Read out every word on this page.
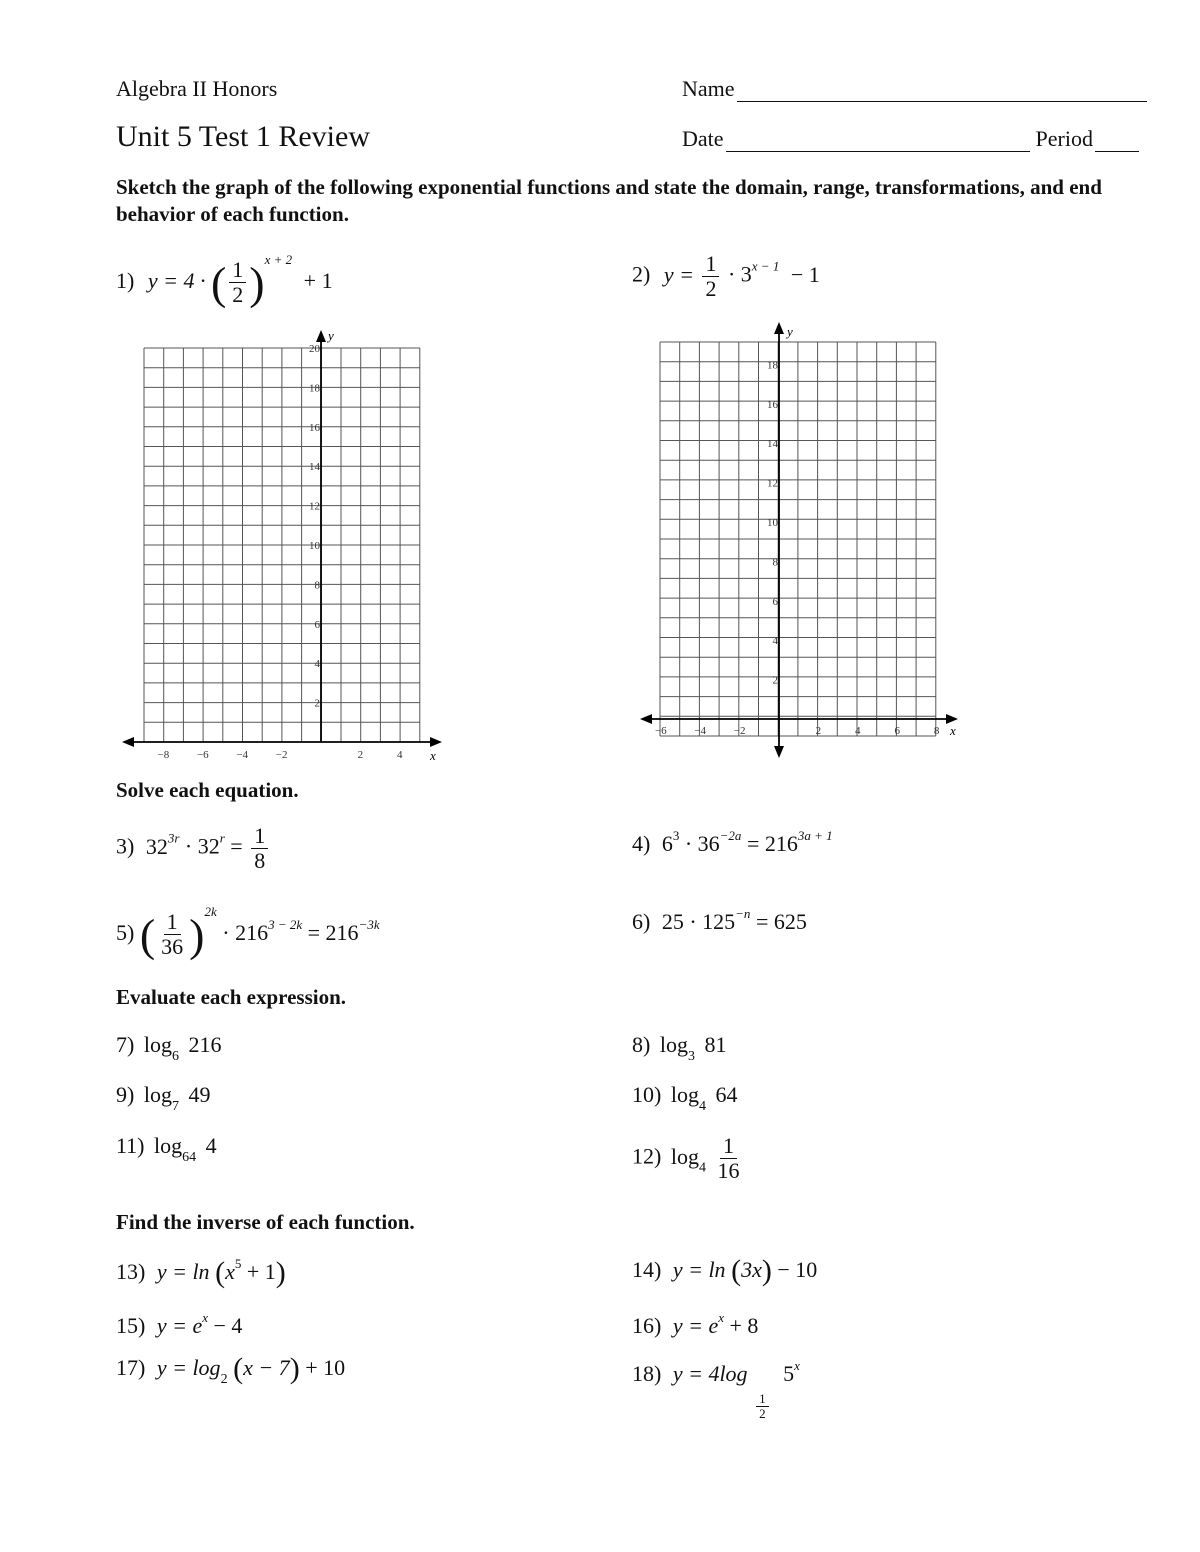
Algebra II Honors
Unit 5 Test 1 Review
Name
Date	Period
Sketch the graph of the following exponential functions and state the domain, range, transformations, and end behavior of each function.
1) y = 4 · ( $\frac{1}{2} )^{x + 2} + 1$	2) $y = \frac{1}{2} \cdot 3^{x - 1} - 1$
x
y
−8	−6	−4	−2	2	4
20
18
16
14
12
10
8
6
4
2
x
y
−6	−4	−2	2	4	6	8
18
16
14
12
10
8
6
4
2
Solve each equation.
3) $32^{3r} \cdot 32^r = \frac{1}{8}$	4) $6^3 \cdot 36^{-2a} = 216^{3a + 1}$
5) ( $\frac{1}{36} )^{2k} \cdot 216^{3 - 2k} = 216^{-3k}$	6) $25 \cdot 125^{-n} = 625$
Evaluate each expression.
7) $\log_6 216$	8) $\log_3 81$
9) $\log_7 49$	10) $\log_4 64$
11) $\log_{64} 4$	12) $\log_4 \frac{1}{16}$
Find the inverse of each function.
13) $y = \ln (x^5 + 1)$	14) y = ln (3x) − 10
15) $y = e^x - 4$	16) $y = e^x + 8$
17) $y = \log_2 (x - 7) + 10$	18) y = 4log
$\frac{1}{2}$
5$^x$
